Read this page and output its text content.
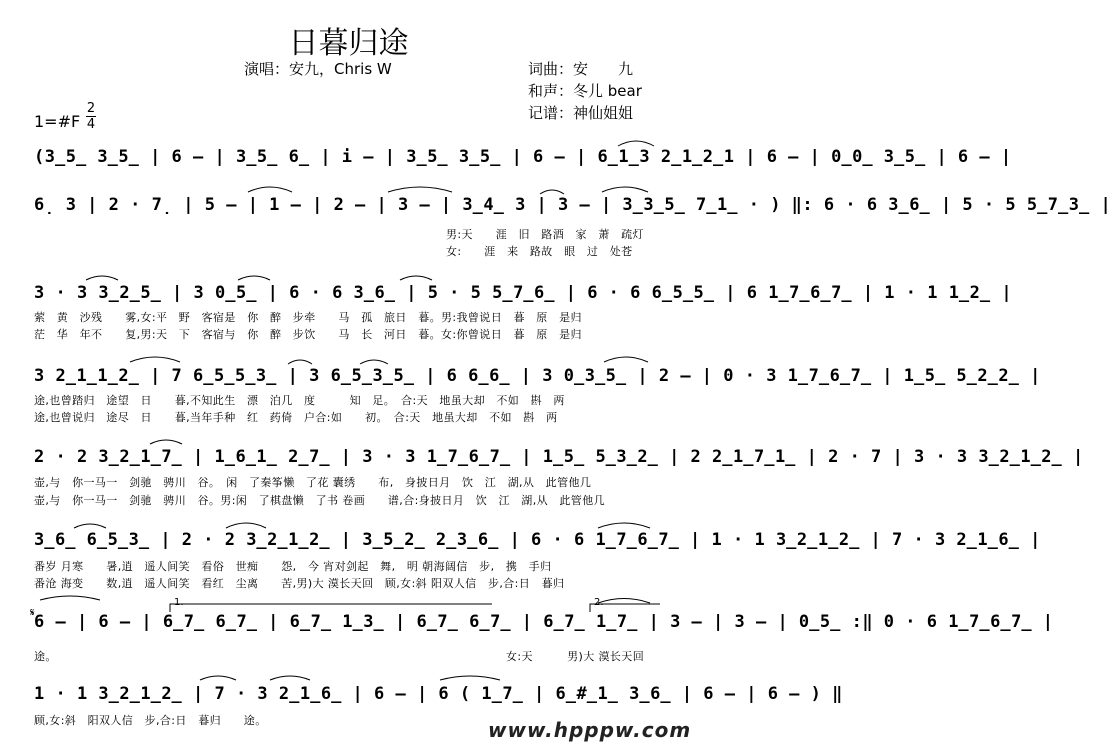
日暮归途
演唱：安九，Chris W	词曲：安　　九
和声：冬儿 bear
记谱：神仙姐姐
1=#F
2
4
(3̲5̲ 3̲5̲ | 6 – | 3̲5̲ 6̲ | i – | 3̲5̲ 3̲5̲ | 6 – | 6̲1̲3 2̲1̲2̲1 | 6 – | 0̲0̲ 3̲5̲ | 6 – |
6̣ 3 | 2 · 7̣ | 5 – | 1 – | 2 – | 3 – | 3̲4̲ 3 | 3 – | 3̲3̲5̲ 7̲1̲ · ) ‖: 6 · 6 3̲6̲ | 5 · 5 5̲7̲3̲ |
男:天　　涯　旧　路酒　家　萧　疏灯
女:　　涯　来　路故　眼　过　处苍
3 · 3 3̲2̲5̲ | 3 0̲5̲ | 6 · 6 3̲6̲ | 5 · 5 5̲7̲6̲ | 6 · 6 6̲5̲5̲ | 6 1̲7̲6̲7̲ | 1 · 1 1̲2̲ |
萦　黄　沙残　　雾,女:平　野　客宿是　你　醉　步牵　　马　孤　旅日　暮。男:我曾说日　暮　原　是归
茫　华　年不　　复,男:天　下　客宿与　你　醉　步饮　　马　长　河日　暮。女:你曾说日　暮　原　是归
3 2̲1̲1̲2̲ | 7 6̲5̲5̲3̲ | 3 6̲5̲3̲5̲ | 6 6̲6̲ | 3 0̲3̲5̲ | 2 – | 0 · 3 1̲7̲6̲7̲ | 1̲5̲ 5̲2̲2̲ |
途,也曾踏归　途望　日　　暮,不知此生　漂　泊几　度　　　知　足。　合:天　地虽大却　不如　斟　两
途,也曾说归　途尽　日　　暮,当年手种　红　药倚　户合:如　　初。　合:天　地虽大却　不如　斟　两
2 · 2 3̲2̲1̲7̲ | 1̲6̲1̲ 2̲7̲ | 3 · 3 1̲7̲6̲7̲ | 1̲5̲ 5̲3̲2̲ | 2 2̲1̲7̲1̲ | 2 · 7 | 3 · 3 3̲2̲1̲2̲ |
壶,与　你一马一　剑驰　骋川　谷。　闲　了秦筝懒　了花 囊绣　　布,　身披日月　饮　江　湖,从　此管他几
壶,与　你一马一　剑驰　骋川　谷。男:闲　了棋盘懒　了书 卷画　　谱,合:身披日月　饮　江　湖,从　此管他几
3̲6̲ 6̲5̲3̲ | 2 · 2 3̲2̲1̲2̲ | 3̲5̲2̲ 2̲3̲6̲ | 6 · 6 1̲7̲6̲7̲ | 1 · 1 3̲2̲1̲2̲ | 7 · 3 2̲1̲6̲ |
番岁 月寒　　暑,逍　遥人间笑　看俗　世痴　　怨,　今 宵对剑起　舞,　明 朝海阔信　步,　携　手归
番沧 海变　　数,逍　遥人间笑　看红　尘离　　苦,男)大 漠长天回　顾,女:斜 阳双人信　步,合:日　暮归
𝄋
1.	2.
6 – | 6 – | 6̲7̲ 6̲7̲ | 6̲7̲ 1̲3̲ | 6̲7̲ 6̲7̲ | 6̲7̲ 1̲7̲ | 3 – | 3 – | 0̲5̲ :‖ 0 · 6 1̲7̲6̲7̲ |
途。	女:天　　　男)大 漠长天回
1 · 1 3̲2̲1̲2̲ | 7 · 3 2̲1̲6̲ | 6 – | 6 ( 1̲7̲ | 6̲#̲1̲ 3̲6̲ | 6 – | 6 – ) ‖
顾,女:斜　阳双人信　步,合:日　暮归　　途。	www.hpppw.com
